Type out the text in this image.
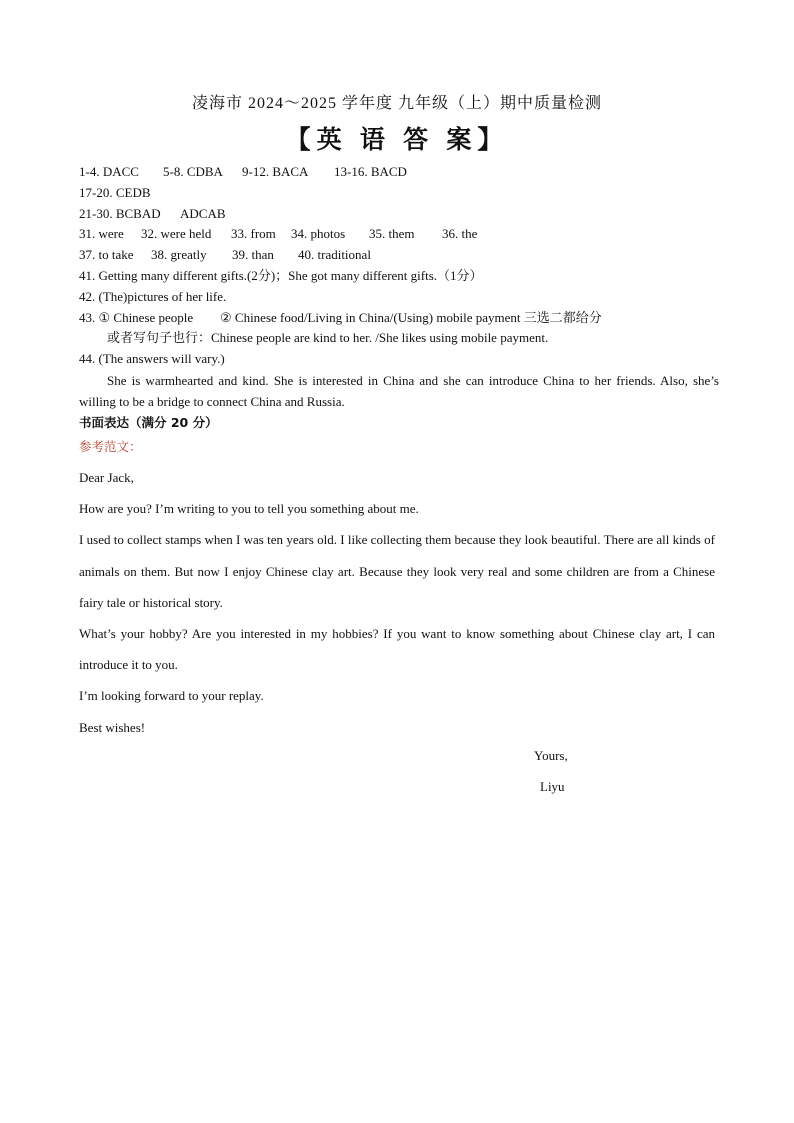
凌海市 2024～2025 学年度 九年级（上）期中质量检测
【英 语 答 案】
1-4. DACC 5-8. CDBA 9-12. BACA 13-16. BACD
17-20. CEDB
21-30. BCBAD ADCAB
31. were 32. were held 33. from 34. photos 35. them 36. the
37. to take 38. greatly 39. than 40. traditional
41. Getting many different gifts.(2分)；She got many different gifts.（1分）
42. (The)pictures of her life.
43. ① Chinese people ② Chinese food/Living in China/(Using) mobile payment 三选二都给分
或者写句子也行：Chinese people are kind to her. /She likes using mobile payment.
44. (The answers will vary.)
She is warmhearted and kind. She is interested in China and she can introduce China to her friends. Also, she’s willing to be a bridge to connect China and Russia.
书面表达（满分 20 分）
参考范文：

Dear Jack,

How are you? I’m writing to you to tell you something about me.

I used to collect stamps when I was ten years old. I like collecting them because they look beautiful. There are all kinds of animals on them. But now I enjoy Chinese clay art. Because they look very real and some children are from a Chinese fairy tale or historical story.

What’s your hobby? Are you interested in my hobbies? If you want to know something about Chinese clay art, I can introduce it to you.

I’m looking forward to your replay.

Best wishes!

Yours,
Liyu
